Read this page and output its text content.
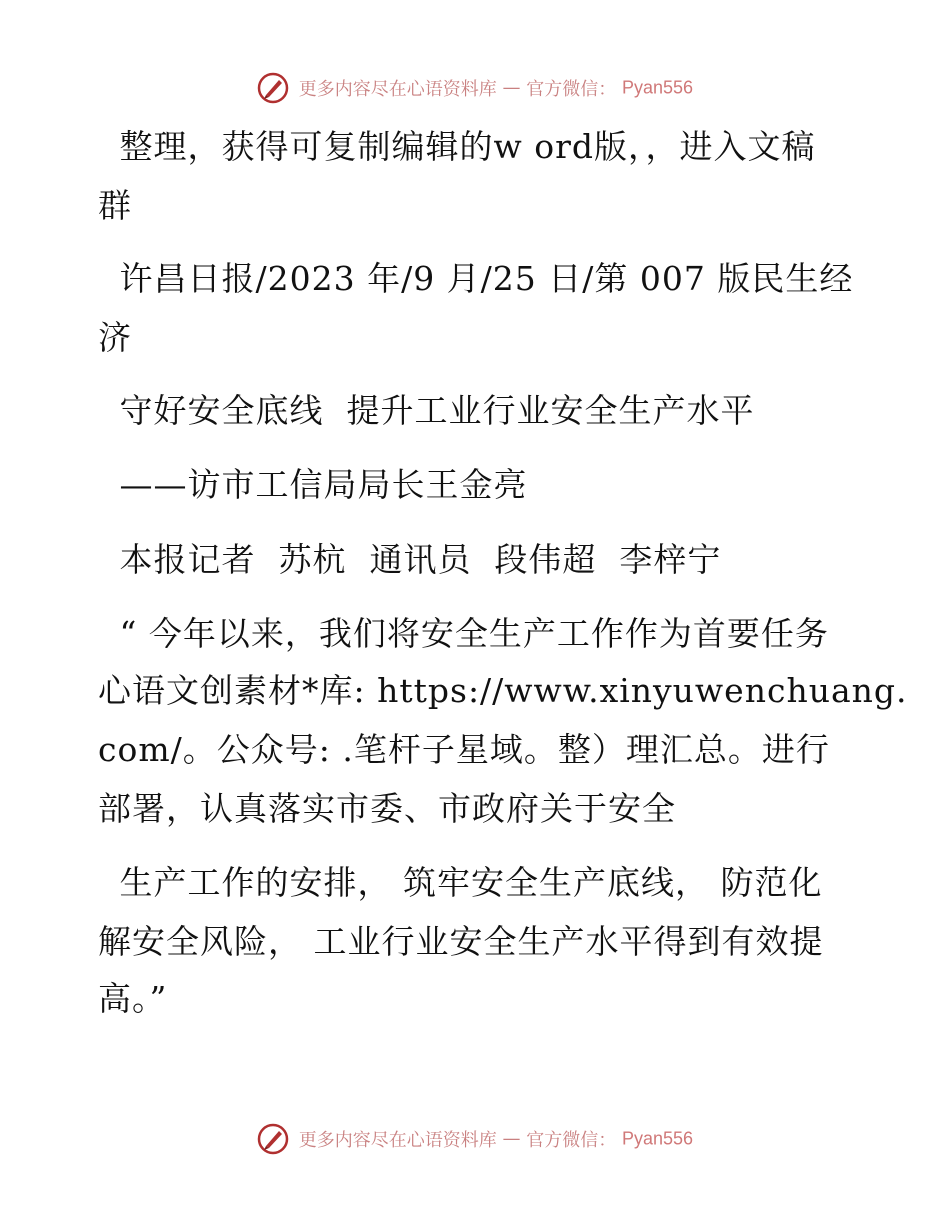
更多内容尽在心语资料库 — 官方微信： Pyan556
整理，获得可复制编辑的w ord版，，进入文稿
群
许昌日报/2023 年/9 月/25 日/第 007 版民生经
济
守好安全底线  提升工业行业安全生产水平
——访市工信局局长王金亮
本报记者  苏杭  通讯员  段伟超  李梓宁
“ 今年以来，我们将安全生产工作作为首要任务
心语文创素材*库: https://www.xinyuwenchuang.
com/。公众号: .笔杆子星域。整）理汇总。进行
部署，认真落实市委、市政府关于安全
生产工作的安排， 筑牢安全生产底线， 防范化
解安全风险， 工业行业安全生产水平得到有效提
高。”
更多内容尽在心语资料库 — 官方微信： Pyan556
